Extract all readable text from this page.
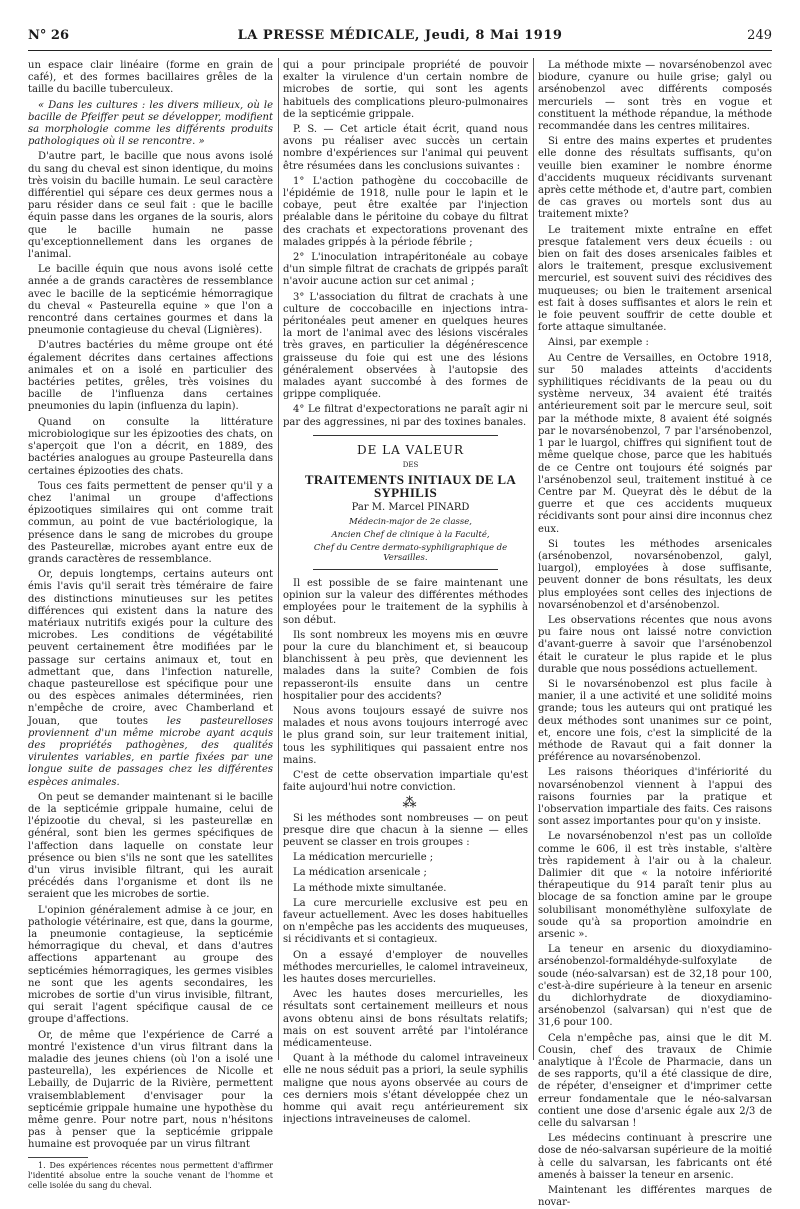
N° 26	LA PRESSE MÉDICALE, Jeudi, 8 Mai 1919	249

un espace clair linéaire (forme en grain de café), et des formes bacillaires grêles de la taille du bacille tuberculeux.

« Dans les cultures : les divers milieux, où le bacille de Pfeiffer peut se développer, modifient sa morphologie comme les différents produits pathologiques où il se rencontre. »

D'autre part, le bacille que nous avons isolé du sang du cheval est sinon identique, du moins très voisin du bacille humain. Le seul caractère différentiel qui sépare ces deux germes nous a paru résider dans ce seul fait : que le bacille équin passe dans les organes de la souris, alors que le bacille humain ne passe qu'exceptionnellement dans les organes de l'animal.

Le bacille équin que nous avons isolé cette année a de grands caractères de ressemblance avec le bacille de la septicémie hémorragique du cheval « Pasteurella equine » que l'on a rencontré dans certaines gourmes et dans la pneumonie contagieuse du cheval (Lignières).

D'autres bactéries du même groupe ont été également décrites dans certaines affections animales et on a isolé en particulier des bactéries petites, grêles, très voisines du bacille de l'influenza dans certaines pneumonies du lapin (influenza du lapin).

Quand on consulte la littérature microbiologique sur les épizooties des chats, on s'aperçoit que l'on a décrit, en 1889, des bactéries analogues au groupe Pasteurella dans certaines épizooties des chats.

Tous ces faits permettent de penser qu'il y a chez l'animal un groupe d'affections épizootiques similaires qui ont comme trait commun, au point de vue bactériologique, la présence dans le sang de microbes du groupe des Pasteurellæ, microbes ayant entre eux de grands caractères de ressemblance.

Or, depuis longtemps, certains auteurs ont émis l'avis qu'il serait très téméraire de faire des distinctions minutieuses sur les petites différences qui existent dans la nature des matériaux nutritifs exigés pour la culture des microbes. Les conditions de végétabilité peuvent certainement être modifiées par le passage sur certains animaux et, tout en admettant que, dans l'infection naturelle, chaque pasteurellose est spécifique pour une ou des espèces animales déterminées, rien n'empêche de croire, avec Chamberland et Jouan, que toutes les pasteurelloses proviennent d'un même microbe ayant acquis des propriétés pathogènes, des qualités virulentes variables, en partie fixées par une longue suite de passages chez les différentes espèces animales.

On peut se demander maintenant si le bacille de la septicémie grippale humaine, celui de l'épizootie du cheval, si les pasteurellæ en général, sont bien les germes spécifiques de l'affection dans laquelle on constate leur présence ou bien s'ils ne sont que les satellites d'un virus invisible filtrant, qui les aurait précédés dans l'organisme et dont ils ne seraient que les microbes de sortie.

L'opinion généralement admise à ce jour, en pathologie vétérinaire, est que, dans la gourme, la pneumonie contagieuse, la septicémie hémorragique du cheval, et dans d'autres affections appartenant au groupe des septicémies hémorragiques, les germes visibles ne sont que les agents secondaires, les microbes de sortie d'un virus invisible, filtrant, qui serait l'agent spécifique causal de ce groupe d'affections.

Or, de même que l'expérience de Carré a montré l'existence d'un virus filtrant dans la maladie des jeunes chiens (où l'on a isolé une pasteurella), les expériences de Nicolle et Lebailly, de Dujarric de la Rivière, permettent vraisemblablement d'envisager pour la septicémie grippale humaine une hypothèse du même genre. Pour notre part, nous n'hésitons pas à penser que la septicémie grippale humaine est provoquée par un virus filtrant

1. Des expériences récentes nous permettent d'affirmer l'identité absolue entre la souche venant de l'homme et celle isolée du sang du cheval.

qui a pour principale propriété de pouvoir exalter la virulence d'un certain nombre de microbes de sortie, qui sont les agents habituels des complications pleuro-pulmonaires de la septicémie grippale.

P. S. — Cet article était écrit, quand nous avons pu réaliser avec succès un certain nombre d'expériences sur l'animal qui peuvent être résumées dans les conclusions suivantes :

1° L'action pathogène du coccobacille de l'épidémie de 1918, nulle pour le lapin et le cobaye, peut être exaltée par l'injection préalable dans le péritoine du cobaye du filtrat des crachats et expectorations provenant des malades grippés à la période fébrile ;

2° L'inoculation intrapéritonéale au cobaye d'un simple filtrat de crachats de grippés paraît n'avoir aucune action sur cet animal ;

3° L'association du filtrat de crachats à une culture de coccobacille en injections intra-péritonéales peut amener en quelques heures la mort de l'animal avec des lésions viscérales très graves, en particulier la dégénérescence graisseuse du foie qui est une des lésions généralement observées à l'autopsie des malades ayant succombé à des formes de grippe compliquée.

4° Le filtrat d'expectorations ne paraît agir ni par des aggressines, ni par des toxines banales.

DE LA VALEUR

DES

TRAITEMENTS INITIAUX DE LA SYPHILIS

Par M. Marcel PINARD

Médecin-major de 2e classe,

Ancien Chef de clinique à la Faculté,

Chef du Centre dermato-syphiligraphique de Versailles.

Il est possible de se faire maintenant une opinion sur la valeur des différentes méthodes employées pour le traitement de la syphilis à son début.

Ils sont nombreux les moyens mis en œuvre pour la cure du blanchiment et, si beaucoup blanchissent à peu près, que deviennent les malades dans la suite? Combien de fois repasseront-ils ensuite dans un centre hospitalier pour des accidents?

Nous avons toujours essayé de suivre nos malades et nous avons toujours interrogé avec le plus grand soin, sur leur traitement initial, tous les syphilitiques qui passaient entre nos mains.

C'est de cette observation impartiale qu'est faite aujourd'hui notre conviction.

⁂

Si les méthodes sont nombreuses — on peut presque dire que chacun à la sienne — elles peuvent se classer en trois groupes :

La médication mercurielle ;

La médication arsenicale ;

La méthode mixte simultanée.

La cure mercurielle exclusive est peu en faveur actuellement. Avec les doses habituelles on n'empêche pas les accidents des muqueuses, si récidivants et si contagieux.

On a essayé d'employer de nouvelles méthodes mercurielles, le calomel intraveineux, les hautes doses mercurielles.

Avec les hautes doses mercurielles, les résultats sont certainement meilleurs et nous avons obtenu ainsi de bons résultats relatifs; mais on est souvent arrêté par l'intolérance médicamenteuse.

Quant à la méthode du calomel intraveineux elle ne nous séduit pas a priori, la seule syphilis maligne que nous ayons observée au cours de ces derniers mois s'étant développée chez un homme qui avait reçu antérieurement six injections intraveineuses de calomel.

La méthode mixte — novarsénobenzol avec biodure, cyanure ou huile grise; galyl ou arsénobenzol avec différents composés mercuriels — sont très en vogue et constituent la méthode répandue, la méthode recommandée dans les centres militaires.

Si entre des mains expertes et prudentes elle donne des résultats suffisants, qu'on veuille bien examiner le nombre énorme d'accidents muqueux récidivants survenant après cette méthode et, d'autre part, combien de cas graves ou mortels sont dus au traitement mixte?

Le traitement mixte entraîne en effet presque fatalement vers deux écueils : ou bien on fait des doses arsenicales faibles et alors le traitement, presque exclusivement mercuriel, est souvent suivi des récidives des muqueuses; ou bien le traitement arsenical est fait à doses suffisantes et alors le rein et le foie peuvent souffrir de cette double et forte attaque simultanée.

Ainsi, par exemple :

Au Centre de Versailles, en Octobre 1918, sur 50 malades atteints d'accidents syphilitiques récidivants de la peau ou du système nerveux, 34 avaient été traités antérieurement soit par le mercure seul, soit par la méthode mixte, 8 avaient été soignés par le novarsénobenzol, 7 par l'arsénobenzol, 1 par le luargol, chiffres qui signifient tout de même quelque chose, parce que les habitués de ce Centre ont toujours été soignés par l'arsénobenzol seul, traitement institué à ce Centre par M. Queyrat dès le début de la guerre et que ces accidents muqueux récidivants sont pour ainsi dire inconnus chez eux.

Si toutes les méthodes arsenicales (arsénobenzol, novarsénobenzol, galyl, luargol), employées à dose suffisante, peuvent donner de bons résultats, les deux plus employées sont celles des injections de novarsénobenzol et d'arsénobenzol.

Les observations récentes que nous avons pu faire nous ont laissé notre conviction d'avant-guerre à savoir que l'arsénobenzol était le curateur le plus rapide et le plus durable que nous possédions actuellement.

Si le novarsénobenzol est plus facile à manier, il a une activité et une solidité moins grande; tous les auteurs qui ont pratiqué les deux méthodes sont unanimes sur ce point, et, encore une fois, c'est la simplicité de la méthode de Ravaut qui a fait donner la préférence au novarsénobenzol.

Les raisons théoriques d'infériorité du novarsénobenzol viennent à l'appui des raisons fournies par la pratique et l'observation impartiale des faits. Ces raisons sont assez importantes pour qu'on y insiste.

Le novarsénobenzol n'est pas un colloïde comme le 606, il est très instable, s'altère très rapidement à l'air ou à la chaleur. Dalimier dit que « la notoire infériorité thérapeutique du 914 paraît tenir plus au blocage de sa fonction amine par le groupe solubilisant monométhylène sulfoxylate de soude qu'à sa proportion amoindrie en arsenic ».

La teneur en arsenic du dioxydiamino-arsénobenzol-formaldéhyde-sulfoxylate de soude (néo-salvarsan) est de 32,18 pour 100, c'est-à-dire supérieure à la teneur en arsenic du dichlorhydrate de dioxydiamino-arsénobenzol (salvarsan) qui n'est que de 31,6 pour 100.

Cela n'empêche pas, ainsi que le dit M. Cousin, chef des travaux de Chimie analytique à l'École de Pharmacie, dans un de ses rapports, qu'il a été classique de dire, de répéter, d'enseigner et d'imprimer cette erreur fondamentale que le néo-salvarsan contient une dose d'arsenic égale aux 2/3 de celle du salvarsan !

Les médecins continuant à prescrire une dose de néo-salvarsan supérieure de la moitié à celle du salvarsan, les fabricants ont été amenés à baisser la teneur en arsenic.

Maintenant les différentes marques de novar-
